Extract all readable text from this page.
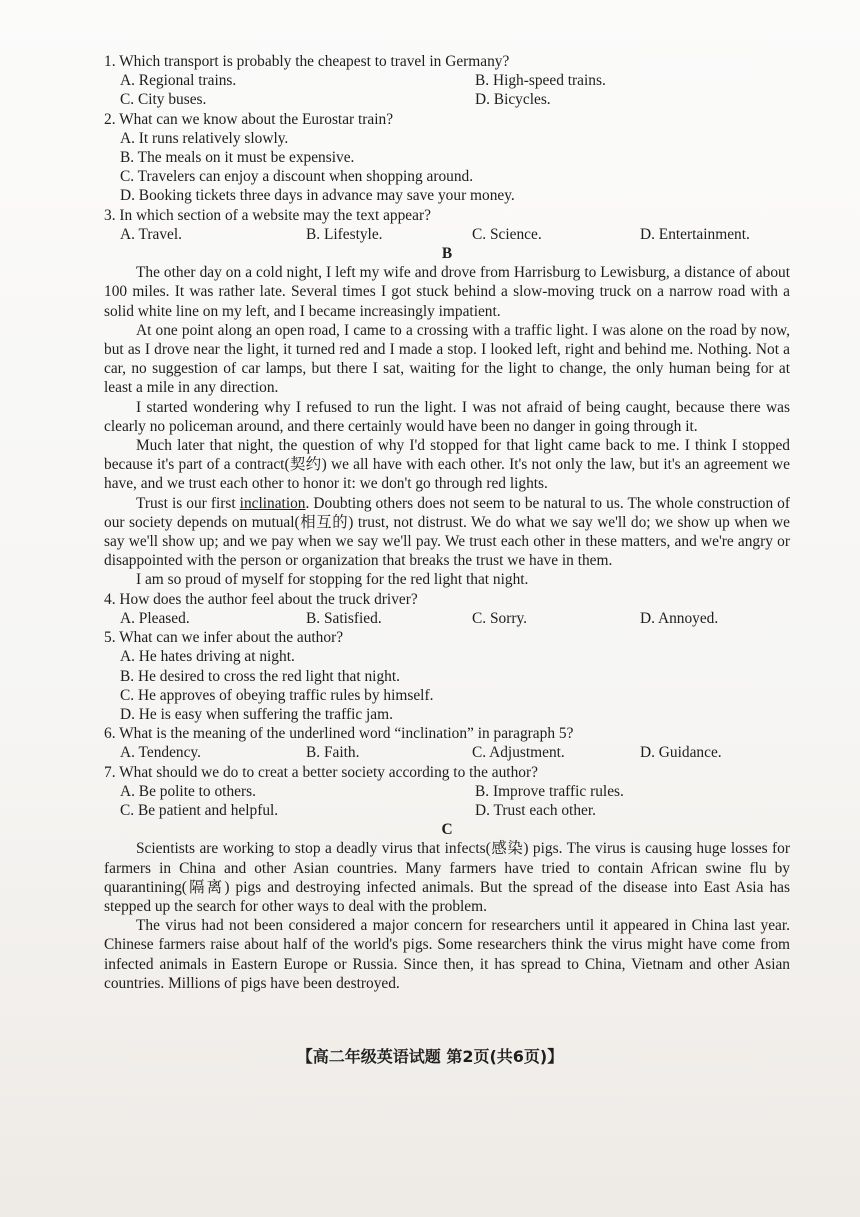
1. Which transport is probably the cheapest to travel in Germany?

A. Regional trains.	B. High-speed trains.
C. City buses.	D. Bicycles.

2. What can we know about the Eurostar train?

A. It runs relatively slowly.

B. The meals on it must be expensive.

C. Travelers can enjoy a discount when shopping around.

D. Booking tickets three days in advance may save your money.

3. In which section of a website may the text appear?

A. Travel.	B. Lifestyle.	C. Science.	D. Entertainment.

B

The other day on a cold night, I left my wife and drove from Harrisburg to Lewisburg, a distance of about 100 miles. It was rather late. Several times I got stuck behind a slow-moving truck on a narrow road with a solid white line on my left, and I became increasingly impatient.

At one point along an open road, I came to a crossing with a traffic light. I was alone on the road by now, but as I drove near the light, it turned red and I made a stop. I looked left, right and behind me. Nothing. Not a car, no suggestion of car lamps, but there I sat, waiting for the light to change, the only human being for at least a mile in any direction.

I started wondering why I refused to run the light. I was not afraid of being caught, because there was clearly no policeman around, and there certainly would have been no danger in going through it.

Much later that night, the question of why I'd stopped for that light came back to me. I think I stopped because it's part of a contract(契约) we all have with each other. It's not only the law, but it's an agreement we have, and we trust each other to honor it: we don't go through red lights.

Trust is our first inclination. Doubting others does not seem to be natural to us. The whole construction of our society depends on mutual(相互的) trust, not distrust. We do what we say we'll do; we show up when we say we'll show up; and we pay when we say we'll pay. We trust each other in these matters, and we're angry or disappointed with the person or organization that breaks the trust we have in them.

I am so proud of myself for stopping for the red light that night.

4. How does the author feel about the truck driver?

A. Pleased.	B. Satisfied.	C. Sorry.	D. Annoyed.

5. What can we infer about the author?

A. He hates driving at night.

B. He desired to cross the red light that night.

C. He approves of obeying traffic rules by himself.

D. He is easy when suffering the traffic jam.

6. What is the meaning of the underlined word “inclination” in paragraph 5?

A. Tendency.	B. Faith.	C. Adjustment.	D. Guidance.

7. What should we do to creat a better society according to the author?

A. Be polite to others.	B. Improve traffic rules.
C. Be patient and helpful.	D. Trust each other.

C

Scientists are working to stop a deadly virus that infects(感染) pigs. The virus is causing huge losses for farmers in China and other Asian countries. Many farmers have tried to contain African swine flu by quarantining(隔离) pigs and destroying infected animals. But the spread of the disease into East Asia has stepped up the search for other ways to deal with the problem.

The virus had not been considered a major concern for researchers until it appeared in China last year. Chinese farmers raise about half of the world's pigs. Some researchers think the virus might have come from infected animals in Eastern Europe or Russia. Since then, it has spread to China, Vietnam and other Asian countries. Millions of pigs have been destroyed.

【高二年级英语试题 第2页(共6页)】
